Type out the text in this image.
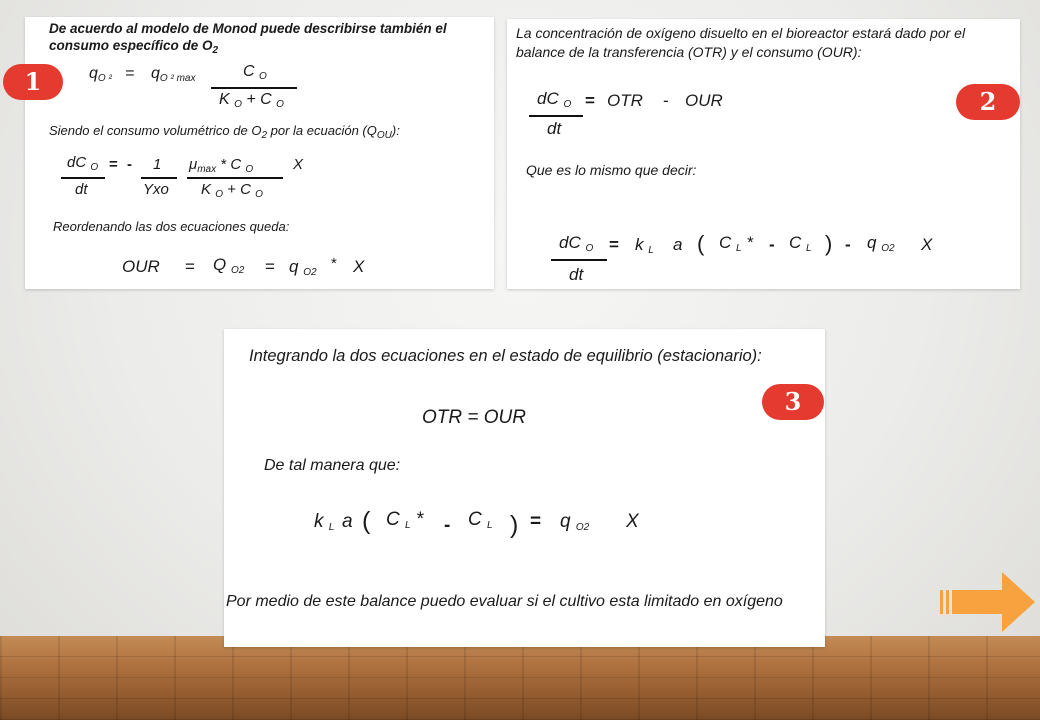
De acuerdo al modelo de Monod puede describirse también el consumo específico de $O_2$
$q_{O ^2} = q_{O ^2 max}$	C $_O$
K $_O$ + C $_O$
Siendo el consumo volumétrico de $O_2$ por la ecuación $(Q_{OU})$:
dC $_O$
dt
= - 1
Yxo
$\mu_{max}$ * C $_O$
K $_O$ + C $_O$
X
Reordenando las dos ecuaciones queda:
OUR = Q $_{O2}$ = q $_{O2}$
* X
La concentración de oxígeno disuelto en el bioreactor estará dado por el balance de la transferencia (OTR) y el consumo (OUR):
dC $_O$
dt
= OTR - OUR
Que es lo mismo que decir:
dC $_O$
dt
= k $_L$ a ( C $_L$ * - C $_L$ ) - q $_{O2}$ X
Integrando la dos ecuaciones en el estado de equilibrio (estacionario):
OTR = OUR
De tal manera que:
k $_L$ a ( C $_L$ * - C $_L$ ) = q $_{O2}$ X
Por medio de este balance puedo evaluar si el cultivo esta limitado en oxígeno
1
2
3
